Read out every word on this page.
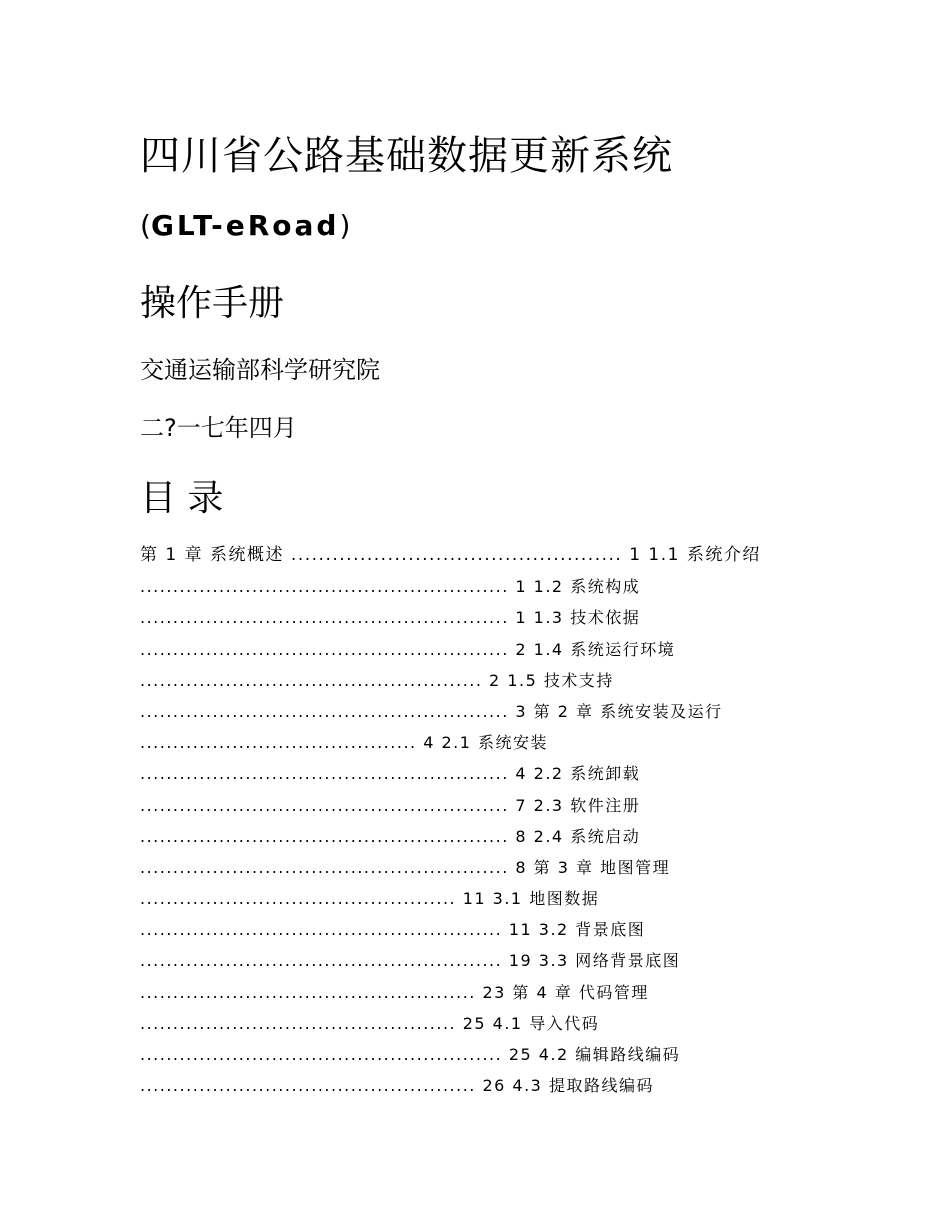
四川省公路基础数据更新系统
(GLT-eRoad)
操作手册
交通运输部科学研究院
二?一七年四月
目 录
第 1 章 系统概述 ................................................ 1 1.1 系统介绍
........................................................ 1 1.2 系统构成
........................................................ 1 1.3 技术依据
........................................................ 2 1.4 系统运行环境
.................................................... 2 1.5 技术支持
........................................................ 3 第 2 章 系统安装及运行
.......................................... 4 2.1 系统安装
........................................................ 4 2.2 系统卸载
........................................................ 7 2.3 软件注册
........................................................ 8 2.4 系统启动
........................................................ 8 第 3 章 地图管理
................................................ 11 3.1 地图数据
....................................................... 11 3.2 背景底图
....................................................... 19 3.3 网络背景底图
................................................... 23 第 4 章 代码管理
................................................ 25 4.1 导入代码
....................................................... 25 4.2 编辑路线编码
................................................... 26 4.3 提取路线编码
